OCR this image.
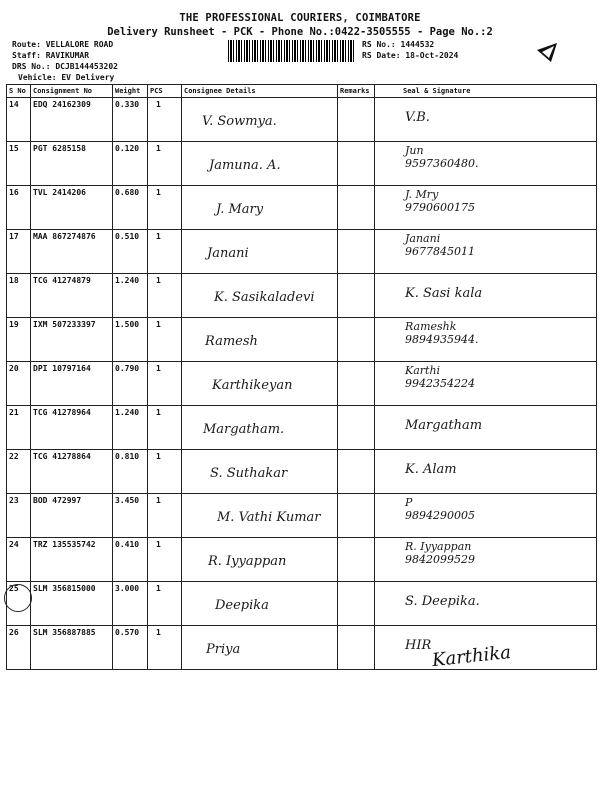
THE PROFESSIONAL COURIERS, COIMBATORE
Delivery Runsheet - PCK - Phone No.:0422-3505555 - Page No.:2
Route: VELLALORE ROAD
Staff: RAVIKUMAR
DRS No.: DCJB144453202
Vehicle: EV Delivery
RS No.: 1444532
RS Date: 18-Oct-2024
S No	Consignment No	Weight	PCS	Consignee Details	Remarks	Seal & Signature
14	EDQ 24162309	0.330	1	V. Sowmya.		V.B.

15	PGT 6285158	0.120	1	Jamuna. A.		Jun
9597360480.

16	TVL 2414206	0.680	1	J. Mary		J. Mry
9790600175

17	MAA 867274876	0.510	1	Janani		Janani
9677845011

18	TCG 41274879	1.240	1	K. Sasikaladevi		K. Sasi kala

19	IXM 507233397	1.500	1	Ramesh		Rameshk
9894935944.

20	DPI 10797164	0.790	1	Karthikeyan		Karthi
9942354224

21	TCG 41278964	1.240	1	Margatham.		Margatham

22	TCG 41278864	0.810	1	S. Suthakar		K. Alam

23	BOD 472997	3.450	1	M. Vathi Kumar		P
9894290005

24	TRZ 135535742	0.410	1	R. Iyyappan		R. Iyyappan
9842099529

25	SLM 356815000	3.000	1	Deepika		S. Deepika.

26	SLM 356887885	0.570	1	Priya		HIR Karthika
